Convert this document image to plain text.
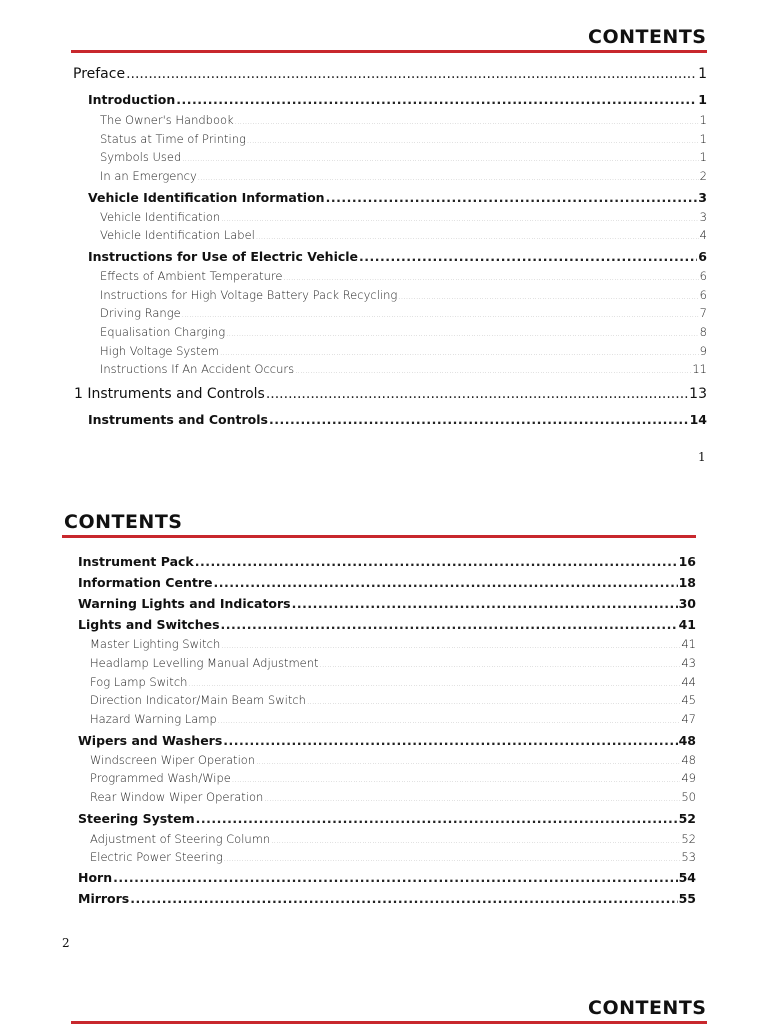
CONTENTS
Preface .....	1
Introduction .....	1
The Owner's Handbook .....	1
Status at Time of Printing .....	1
Symbols Used .....	1
In an Emergency .....	2
Vehicle Identification Information .....	3
Vehicle Identification .....	3
Vehicle Identification Label .....	4
Instructions for Use of Electric Vehicle .....	6
Effects of Ambient Temperature .....	6
Instructions for High Voltage Battery Pack Recycling .....	6
Driving Range .....	7
Equalisation Charging .....	8
High Voltage System .....	9
Instructions If An Accident Occurs .....	11
1 Instruments and Controls .....	13
Instruments and Controls .....	14
1
CONTENTS
Instrument Pack .....	16
Information Centre .....	18
Warning Lights and Indicators .....	30
Lights and Switches .....	41
Master Lighting Switch .....	41
Headlamp Levelling Manual Adjustment .....	43
Fog Lamp Switch .....	44
Direction Indicator/Main Beam Switch .....	45
Hazard Warning Lamp .....	47
Wipers and Washers .....	48
Windscreen Wiper Operation .....	48
Programmed Wash/Wipe .....	49
Rear Window Wiper Operation .....	50
Steering System .....	52
Adjustment of Steering Column .....	52
Electric Power Steering .....	53
Horn .....	54
Mirrors .....	55
2
CONTENTS
